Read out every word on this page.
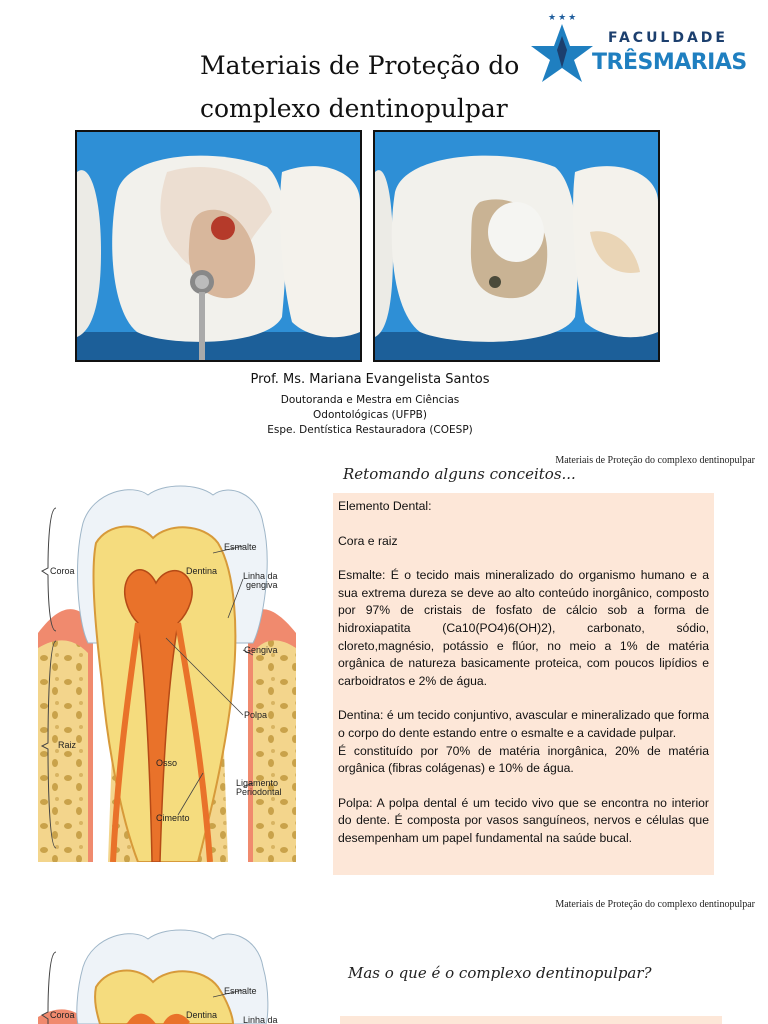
Materiais de Proteção do
complexo dentinopulpar
★★★
FACULDADE
TRÊSMARIAS
Prof. Ms. Mariana Evangelista Santos
Doutoranda e Mestra em Ciências
Odontológicas (UFPB)
Espe. Dentística Restauradora (COESP)
Materiais de Proteção do complexo dentinopulpar
Retomando alguns conceitos...
Esmalte
Coroa	Dentina	Linha da
gengiva
Gengiva
Polpa
Raiz
Osso
Ligamento
Periodontal
Cimento

Elemento Dental:

Cora e raiz

Esmalte: É o tecido mais mineralizado do organismo humano e a sua extrema dureza se deve ao alto conteúdo inorgânico, composto por 97% de cristais de fosfato de cálcio sob a forma de hidroxiapatita (Ca10(PO4)6(OH)2), carbonato, sódio, cloreto,magnésio, potássio e flúor, no meio a 1% de matéria orgânica de natureza basicamente proteica, com poucos lipídios e carboidratos e 2% de água.

Dentina: é um tecido conjuntivo, avascular e mineralizado que forma o corpo do dente estando entre o esmalte e a cavidade pulpar.

É constituído por 70% de matéria inorgânica, 20% de matéria orgânica (fibras colágenas) e 10% de água.

Polpa: A polpa dental é um tecido vivo que se encontra no interior do dente. É composta por vasos sanguíneos, nervos e células que desempenham um papel fundamental na saúde bucal.

Materiais de Proteção do complexo dentinopulpar
Mas o que é o complexo dentinopulpar?
Esmalte
Coroa	Dentina	Linha da
